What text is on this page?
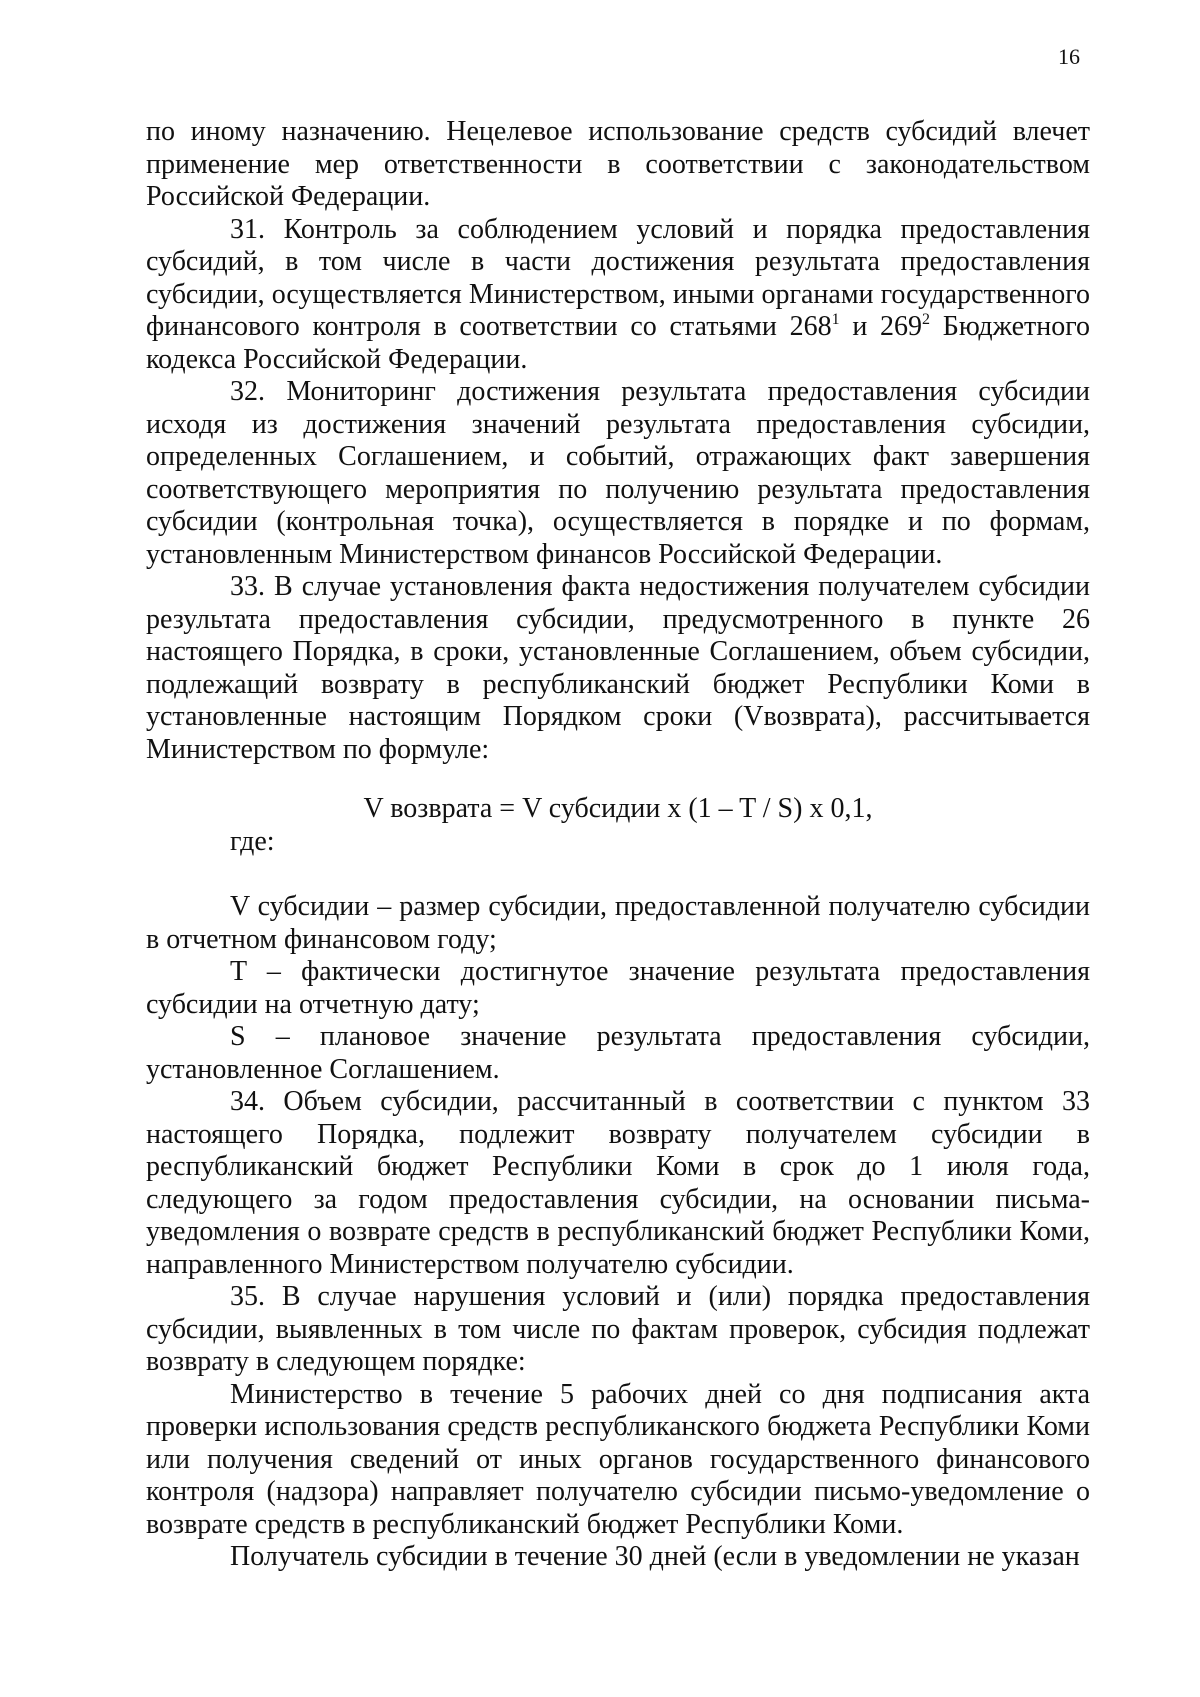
16

по иному назначению. Нецелевое использование средств субсидий влечет применение мер ответственности в соответствии с законодательством Российской Федерации.

31. Контроль за соблюдением условий и порядка предоставления субсидий, в том числе в части достижения результата предоставления субсидии, осуществляется Министерством, иными органами государственного финансового контроля в соответствии со статьями $268^1$ и $269^2$ Бюджетного кодекса Российской Федерации.

32. Мониторинг достижения результата предоставления субсидии исходя из достижения значений результата предоставления субсидии, определенных Соглашением, и событий, отражающих факт завершения соответствующего мероприятия по получению результата предоставления субсидии (контрольная точка), осуществляется в порядке и по формам, установленным Министерством финансов Российской Федерации.

33. В случае установления факта недостижения получателем субсидии результата предоставления субсидии, предусмотренного в пункте 26 настоящего Порядка, в сроки, установленные Соглашением, объем субсидии, подлежащий возврату в республиканский бюджет Республики Коми в установленные настоящим Порядком сроки (Vвозврата), рассчитывается Министерством по формуле:

V возврата = V субсидии x (1 – T / S) x 0,1,

где:

V субсидии – размер субсидии, предоставленной получателю субсидии в отчетном финансовом году;

T – фактически достигнутое значение результата предоставления субсидии на отчетную дату;

S – плановое значение результата предоставления субсидии, установленное Соглашением.

34. Объем субсидии, рассчитанный в соответствии с пунктом 33 настоящего Порядка, подлежит возврату получателем субсидии в республиканский бюджет Республики Коми в срок до 1 июля года, следующего за годом предоставления субсидии, на основании письма-уведомления о возврате средств в республиканский бюджет Республики Коми, направленного Министерством получателю субсидии.

35. В случае нарушения условий и (или) порядка предоставления субсидии, выявленных в том числе по фактам проверок, субсидия подлежат возврату в следующем порядке:

Министерство в течение 5 рабочих дней со дня подписания акта проверки использования средств республиканского бюджета Республики Коми или получения сведений от иных органов государственного финансового контроля (надзора) направляет получателю субсидии письмо-уведомление о возврате средств в республиканский бюджет Республики Коми.

Получатель субсидии в течение 30 дней (если в уведомлении не указан
